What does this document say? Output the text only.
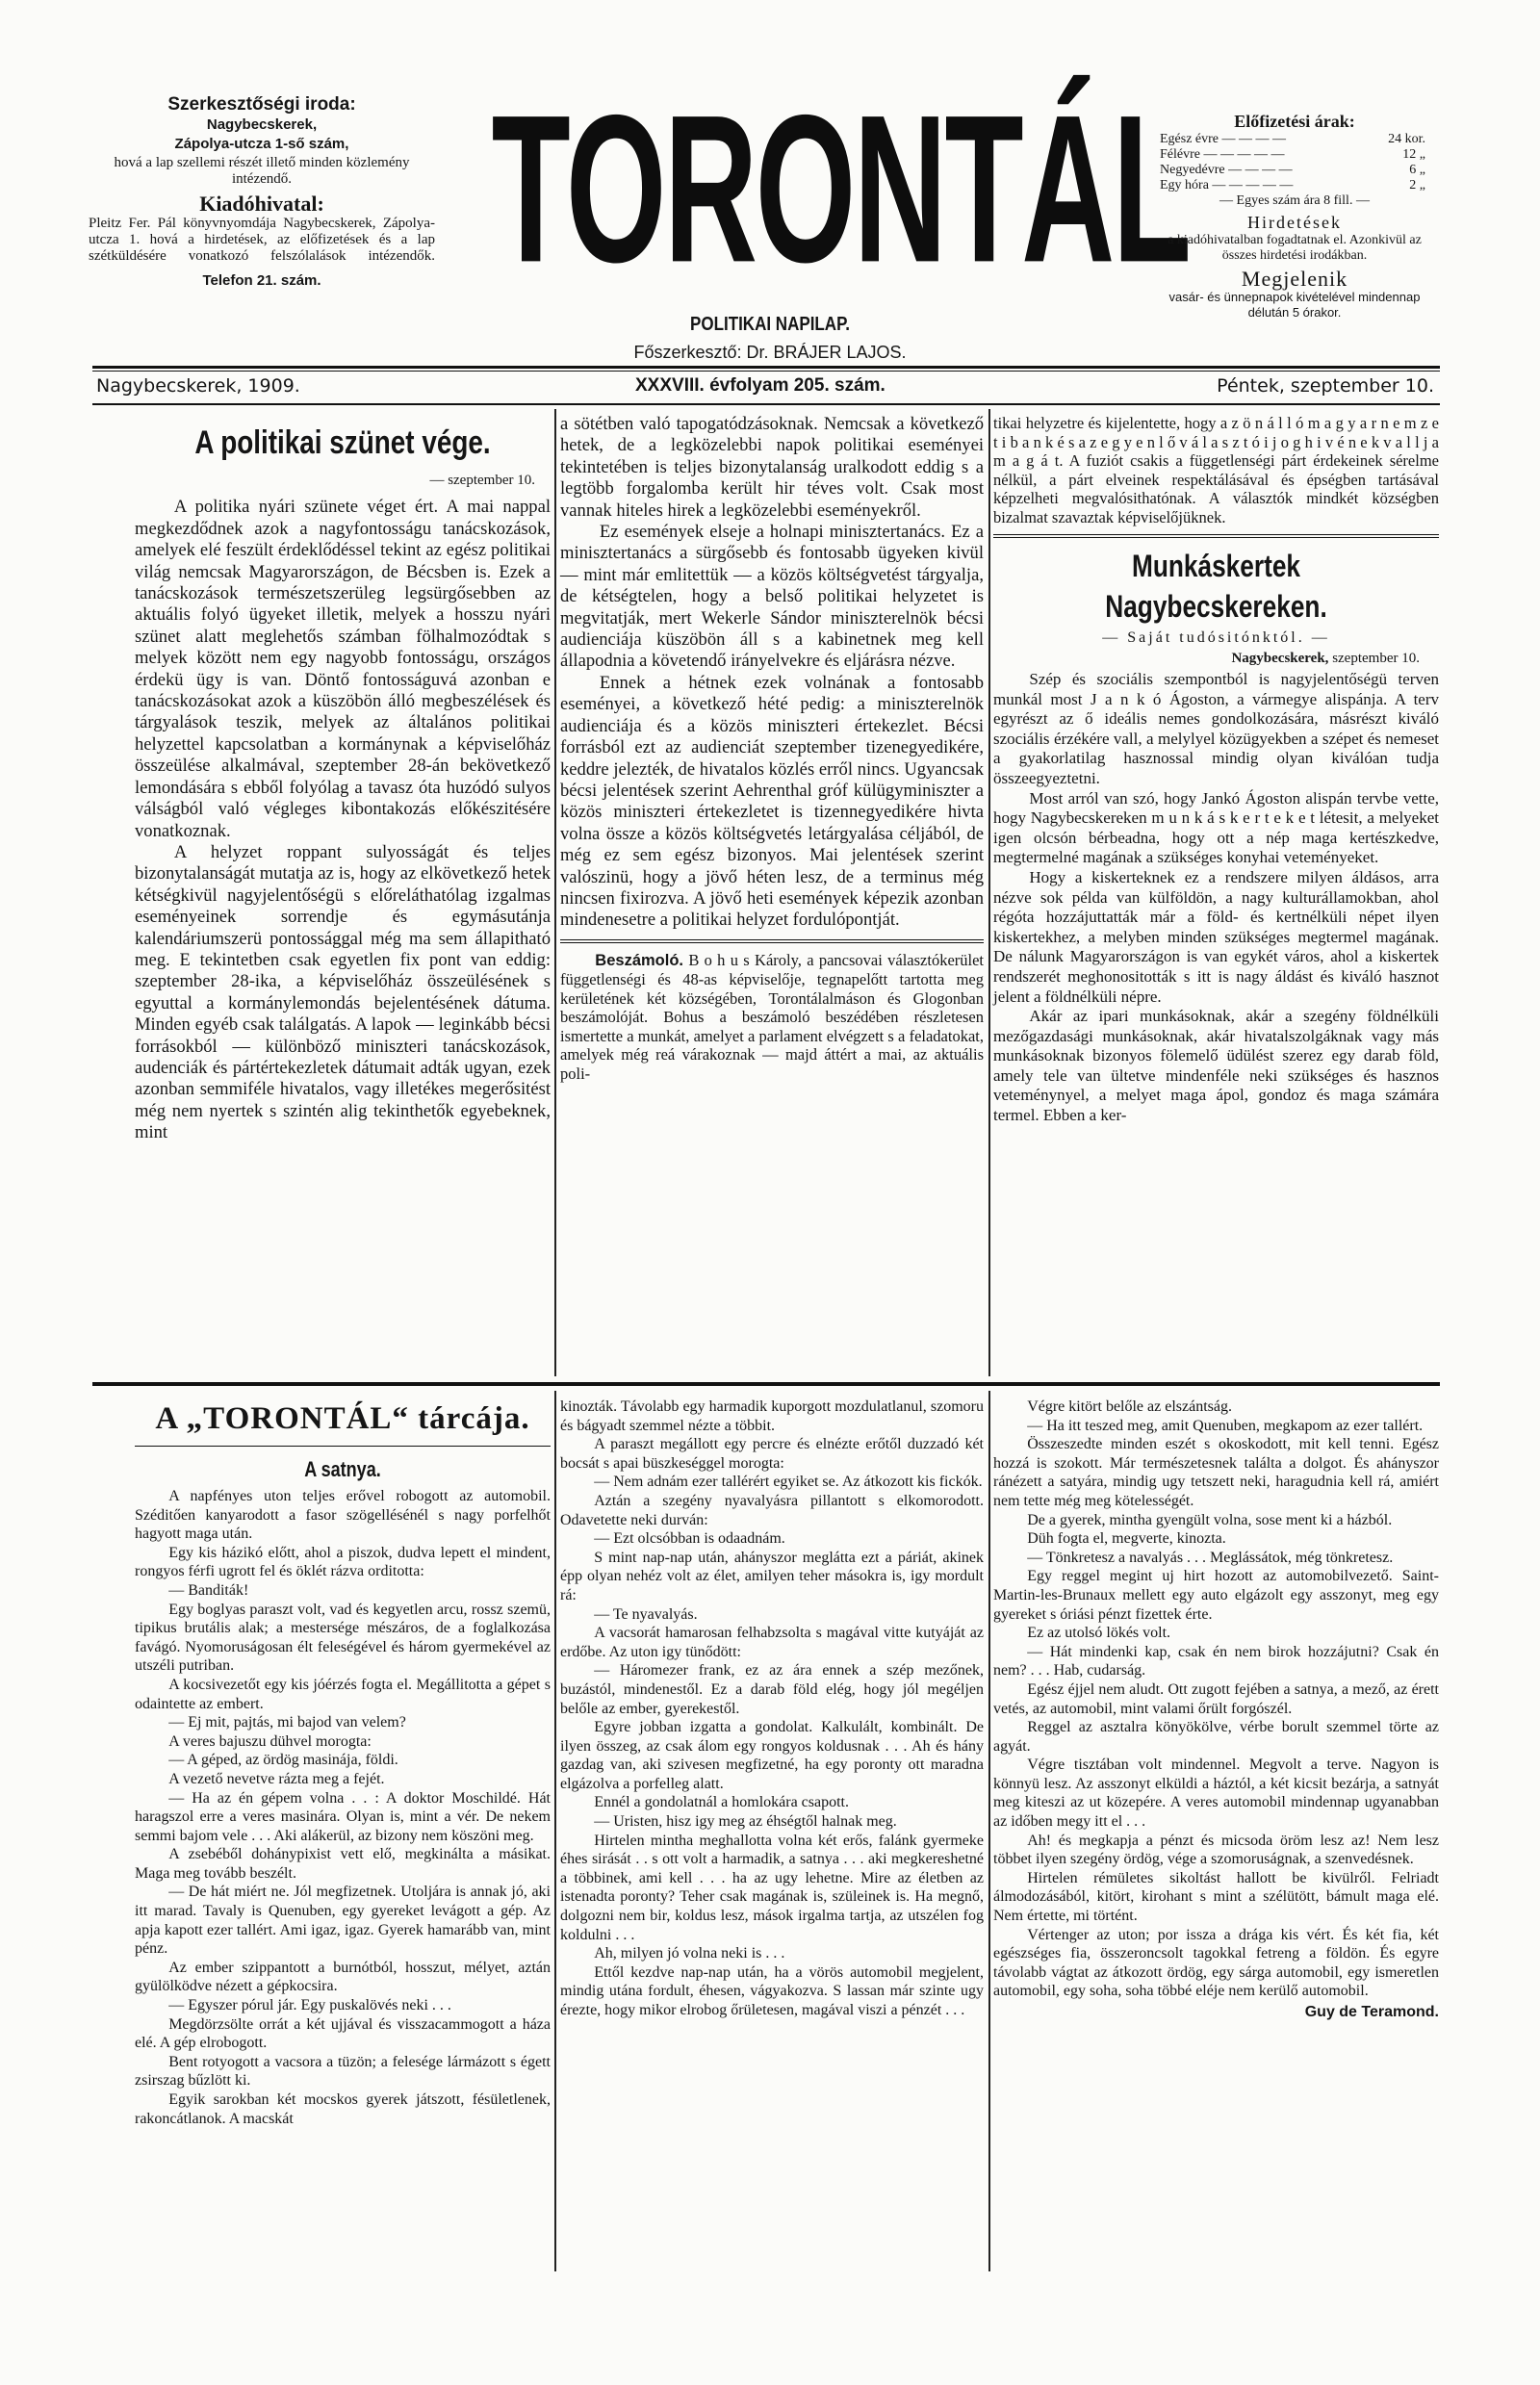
Szerkesztőségi iroda:
Nagybecskerek,
Zápolya-utcza 1-ső szám,
hová a lap szellemi részét illető minden közlemény intézendő.
Kiadóhivatal:
Pleitz Fer. Pál könyvnyomdája Nagybecskerek, Zápolya-utcza 1. hová a hirdetések, az előfizetések és a lap szétküldésére vonatkozó felszólalások intézendők.
Telefon 21. szám.	TORONTÁL
POLITIKAI NAPILAP.
Főszerkesztő: Dr. BRÁJER LAJOS.
Előfizetési árak:
Egész évre — — — —	24 kor.
Félévre — — — — —	12 „
Negyedévre — — — —	6 „
Egy hóra — — — — —	2 „
— Egyes szám ára 8 fill. —
Hirdetések
a kiadóhivatalban fogadtatnak el. Azonkivül az összes hirdetési irodákban.
Megjelenik
vasár- és ünnepnapok kivételével mindennap délután 5 órakor.
Nagybecskerek, 1909.	XXXVIII. évfolyam 205. szám.	Péntek, szeptember 10.
A politikai szünet vége.
— szeptember 10.

A politika nyári szünete véget ért. A mai nappal megkezdődnek azok a nagyfontosságu tanácskozások, amelyek elé feszült érdeklődéssel tekint az egész politikai világ nemcsak Magyarországon, de Bécsben is. Ezek a tanácskozások természetszerüleg legsürgősebben az aktuális folyó ügyeket illetik, melyek a hosszu nyári szünet alatt meglehetős számban fölhalmozódtak s melyek között nem egy nagyobb fontosságu, országos érdekü ügy is van. Döntő fontosságuvá azonban e tanácskozásokat azok a küszöbön álló megbeszélések és tárgyalások teszik, melyek az általános politikai helyzettel kapcsolatban a kormánynak a képviselőház összeülése alkalmával, szeptember 28-án bekövetkező lemondására s ebből folyólag a tavasz óta huzódó sulyos válságból való végleges kibontakozás előkészitésére vonatkoznak.

A helyzet roppant sulyosságát és teljes bizonytalanságát mutatja az is, hogy az elkövetkező hetek kétségkivül nagyjelentőségü s előreláthatólag izgalmas eseményeinek sorrendje és egymásutánja kalendáriumszerü pontossággal még ma sem állapitható meg. E tekintetben csak egyetlen fix pont van eddig: szeptember 28-ika, a képviselőház összeülésének s egyuttal a kormánylemondás bejelentésének dátuma. Minden egyéb csak találgatás. A lapok — leginkább bécsi forrásokból — különböző miniszteri tanácskozások, audenciák és pártértekezletek dátumait adták ugyan, ezek azonban semmiféle hivatalos, vagy illetékes megerősitést még nem nyertek s szintén alig tekinthetők egyebeknek, mint

a sötétben való tapogatódzásoknak. Nemcsak a következő hetek, de a legközelebbi napok politikai eseményei tekintetében is teljes bizonytalanság uralkodott eddig s a legtöbb forgalomba került hir téves volt. Csak most vannak hiteles hirek a legközelebbi eseményekről.

Ez események elseje a holnapi minisztertanács. Ez a minisztertanács a sürgősebb és fontosabb ügyeken kivül — mint már emlitettük — a közös költségvetést tárgyalja, de kétségtelen, hogy a belső politikai helyzetet is megvitatják, mert Wekerle Sándor miniszterelnök bécsi audienciája küszöbön áll s a kabinetnek meg kell állapodnia a követendő irányelvekre és eljárásra nézve.

Ennek a hétnek ezek volnának a fontosabb eseményei, a következő hété pedig: a miniszterelnök audienciája és a közös miniszteri értekezlet. Bécsi forrásból ezt az audienciát szeptember tizenegyedikére, keddre jelezték, de hivatalos közlés erről nincs. Ugyancsak bécsi jelentések szerint Aehrenthal gróf külügyminiszter a közös miniszteri értekezletet is tizennegyedikére hivta volna össze a közös költségvetés letárgyalása céljából, de még ez sem egész bizonyos. Mai jelentések szerint valószinü, hogy a jövő héten lesz, de a terminus még nincsen fixirozva. A jövő heti események képezik azonban mindenesetre a politikai helyzet fordulópontját.

Beszámoló. B o h u s Károly, a pancsovai választókerület függetlenségi és 48-as képviselője, tegnapelőtt tartotta meg kerületének két községében, Torontálalmáson és Glogonban beszámolóját. Bohus a beszámoló beszédében részletesen ismertette a munkát, amelyet a parlament elvégzett s a feladatokat, amelyek még reá várakoznak — majd áttért a mai, az aktuális poli-

tikai helyzetre és kijelentette, hogy a z ö n á l l ó m a g y a r n e m z e t i b a n k é s a z e g y e n l ő v á l a s z t ó i j o g h i v é n e k v a l l j a m a g á t. A fuziót csakis a függetlenségi párt érdekeinek sérelme nélkül, a párt elveinek respektálásával és épségben tartásával képzelheti megvalósithatónak. A választók mindkét községben bizalmat szavaztak képviselőjüknek.

Munkáskertek Nagybecskereken.
— Saját tudósitónktól. —
Nagybecskerek, szeptember 10.

Szép és szociális szempontból is nagyjelentőségü terven munkál most J a n k ó Ágoston, a vármegye alispánja. A terv egyrészt az ő ideális nemes gondolkozására, másrészt kiváló szociális érzékére vall, a melylyel közügyekben a szépet és nemeset a gyakorlatilag hasznossal mindig olyan kiválóan tudja összeegyeztetni.

Most arról van szó, hogy Jankó Ágoston alispán tervbe vette, hogy Nagybecskereken m u n k á s k e r t e k e t létesit, a melyeket igen olcsón bérbeadna, hogy ott a nép maga kertészkedve, megtermelné magának a szükséges konyhai veteményeket.

Hogy a kiskerteknek ez a rendszere milyen áldásos, arra nézve sok példa van külföldön, a nagy kulturállamokban, ahol régóta hozzájuttatták már a föld- és kertnélküli népet ilyen kiskertekhez, a melyben minden szükséges megtermel magának. De nálunk Magyarországon is van egykét város, ahol a kiskertek rendszerét meghonositották s itt is nagy áldást és kiváló hasznot jelent a földnélküli népre.

Akár az ipari munkásoknak, akár a szegény földnélküli mezőgazdasági munkásoknak, akár hivatalszolgáknak vagy más munkásoknak bizonyos fölemelő üdülést szerez egy darab föld, amely tele van ültetve mindenféle neki szükséges és hasznos veteménynyel, a melyet maga ápol, gondoz és maga számára termel. Ebben a ker-

A „TORONTÁL“ tárcája.
A satnya.

A napfényes uton teljes erővel robogott az automobil. Széditően kanyarodott a fasor szögellésénél s nagy porfelhőt hagyott maga után.

Egy kis házikó előtt, ahol a piszok, dudva lepett el mindent, rongyos férfi ugrott fel és öklét rázva orditotta:

— Banditák!

Egy boglyas paraszt volt, vad és kegyetlen arcu, rossz szemü, tipikus brutális alak; a mestersége mészáros, de a foglalkozása favágó. Nyomoruságosan élt feleségével és három gyermekével az utszéli putriban.

A kocsivezetőt egy kis jóérzés fogta el. Megállitotta a gépet s odaintette az embert.

— Ej mit, pajtás, mi bajod van velem?

A veres bajuszu dühvel morogta:

— A géped, az ördög masinája, földi.

A vezető nevetve rázta meg a fejét.

— Ha az én gépem volna . . : A doktor Moschildé. Hát haragszol erre a veres masinára. Olyan is, mint a vér. De nekem semmi bajom vele . . . Aki alákerül, az bizony nem köszöni meg.

A zsebéből dohánypixist vett elő, megkinálta a másikat. Maga meg tovább beszélt.

— De hát miért ne. Jól megfizetnek. Utoljára is annak jó, aki itt marad. Tavaly is Quenuben, egy gyereket levágott a gép. Az apja kapott ezer tallért. Ami igaz, igaz. Gyerek hamarább van, mint pénz.

Az ember szippantott a burnótból, hosszut, mélyet, aztán gyülölködve nézett a gépkocsira.

— Egyszer pórul jár. Egy puskalövés neki . . .

Megdörzsölte orrát a két ujjával és visszacammogott a háza elé. A gép elrobogott.

Bent rotyogott a vacsora a tüzön; a felesége lármázott s égett zsirszag bűzlött ki.

Egyik sarokban két mocskos gyerek játszott, fésületlenek, rakoncátlanok. A macskát

kinozták. Távolabb egy harmadik kuporgott mozdulatlanul, szomoru és bágyadt szemmel nézte a többit.

A paraszt megállott egy percre és elnézte erőtől duzzadó két bocsát s apai büszkeséggel morogta:

— Nem adnám ezer tallérért egyiket se. Az átkozott kis fickók.

Aztán a szegény nyavalyásra pillantott s elkomorodott. Odavetette neki durván:

— Ezt olcsóbban is odaadnám.

S mint nap-nap után, ahányszor meglátta ezt a páriát, akinek épp olyan nehéz volt az élet, amilyen teher másokra is, igy mordult rá:

— Te nyavalyás.

A vacsorát hamarosan felhabzsolta s magával vitte kutyáját az erdőbe. Az uton igy tünődött:

— Háromezer frank, ez az ára ennek a szép mezőnek, buzástól, mindenestől. Ez a darab föld elég, hogy jól megéljen belőle az ember, gyerekestől.

Egyre jobban izgatta a gondolat. Kalkulált, kombinált. De ilyen összeg, az csak álom egy rongyos koldusnak . . . Ah és hány gazdag van, aki szivesen megfizetné, ha egy poronty ott maradna elgázolva a porfelleg alatt.

Ennél a gondolatnál a homlokára csapott.

— Uristen, hisz igy meg az éhségtől halnak meg.

Hirtelen mintha meghallotta volna két erős, falánk gyermeke éhes sirását . . s ott volt a harmadik, a satnya . . . aki megkereshetné a többinek, ami kell . . . ha az ugy lehetne. Mire az életben az istenadta poronty? Teher csak magának is, szüleinek is. Ha megnő, dolgozni nem bir, koldus lesz, mások irgalma tartja, az utszélen fog koldulni . . .

Ah, milyen jó volna neki is . . .

Ettől kezdve nap-nap után, ha a vörös automobil megjelent, mindig utána fordult, éhesen, vágyakozva. S lassan már szinte ugy érezte, hogy mikor elrobog őrületesen, magával viszi a pénzét . . .

Végre kitört belőle az elszántság.

— Ha itt teszed meg, amit Quenuben, megkapom az ezer tallért.

Összeszedte minden eszét s okoskodott, mit kell tenni. Egész hozzá is szokott. Már természetesnek találta a dolgot. És ahányszor ránézett a satyára, mindig ugy tetszett neki, haragudnia kell rá, amiért nem tette még meg kötelességét.

De a gyerek, mintha gyengült volna, sose ment ki a házból.

Düh fogta el, megverte, kinozta.

— Tönkretesz a navalyás . . . Meglássátok, még tönkretesz.

Egy reggel megint uj hirt hozott az automobilvezető. Saint-Martin-les-Brunaux mellett egy auto elgázolt egy asszonyt, meg egy gyereket s óriási pénzt fizettek érte.

Ez az utolsó lökés volt.

— Hát mindenki kap, csak én nem birok hozzájutni? Csak én nem? . . . Hab, cudarság.

Egész éjjel nem aludt. Ott zugott fejében a satnya, a mező, az érett vetés, az automobil, mint valami őrült forgószél.

Reggel az asztalra könyökölve, vérbe borult szemmel törte az agyát.

Végre tisztában volt mindennel. Megvolt a terve. Nagyon is könnyü lesz. Az asszonyt elküldi a háztól, a két kicsit bezárja, a satnyát meg kiteszi az ut közepére. A veres automobil mindennap ugyanabban az időben megy itt el . . .

Ah! és megkapja a pénzt és micsoda öröm lesz az! Nem lesz többet ilyen szegény ördög, vége a szomoruságnak, a szenvedésnek.

Hirtelen rémületes sikoltást hallott be kivülről. Felriadt álmodozásából, kitört, kirohant s mint a szélütött, bámult maga elé. Nem értette, mi történt.

Vértenger az uton; por issza a drága kis vért. És két fia, két egészséges fia, összeroncsolt tagokkal fetreng a földön. És egyre távolabb vágtat az átkozott ördög, egy sárga automobil, egy ismeretlen automobil, egy soha, soha többé eléje nem kerülő automobil.

Guy de Teramond.
